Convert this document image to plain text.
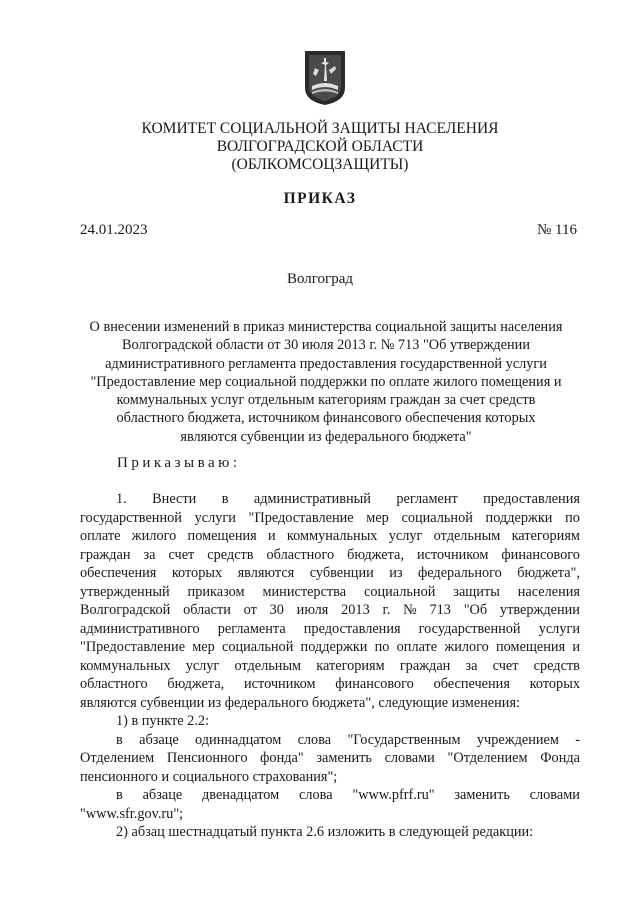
КОМИТЕТ СОЦИАЛЬНОЙ ЗАЩИТЫ НАСЕЛЕНИЯ
ВОЛГОГРАДСКОЙ ОБЛАСТИ
(ОБЛКОМСОЦЗАЩИТЫ)
ПРИКАЗ
24.01.2023	№ 116
Волгоград
О внесении изменений в приказ министерства социальной защиты населения
Волгоградской области от 30 июля 2013 г. № 713 "Об утверждении
административного регламента предоставления государственной услуги
"Предоставление мер социальной поддержки по оплате жилого помещения и
коммунальных услуг отдельным категориям граждан за счет средств
областного бюджета, источником финансового обеспечения которых
являются субвенции из федерального бюджета"
Приказываю:
1. Внести в административный регламент предоставления
государственной услуги "Предоставление мер социальной поддержки по
оплате жилого помещения и коммунальных услуг отдельным категориям
граждан за счет средств областного бюджета, источником финансового
обеспечения которых являются субвенции из федерального бюджета",
утвержденный приказом министерства социальной защиты населения
Волгоградской области от 30 июля 2013 г. № 713 "Об утверждении
административного регламента предоставления государственной услуги
"Предоставление мер социальной поддержки по оплате жилого помещения и
коммунальных услуг отдельным категориям граждан за счет средств
областного бюджета, источником финансового обеспечения которых
являются субвенции из федерального бюджета", следующие изменения:
1) в пункте 2.2:
в абзаце одиннадцатом слова "Государственным учреждением -
Отделением Пенсионного фонда" заменить словами "Отделением Фонда
пенсионного и социального страхования";
в абзаце двенадцатом слова "www.pfrf.ru" заменить словами
"www.sfr.gov.ru";
2) абзац шестнадцатый пункта 2.6 изложить в следующей редакции:
